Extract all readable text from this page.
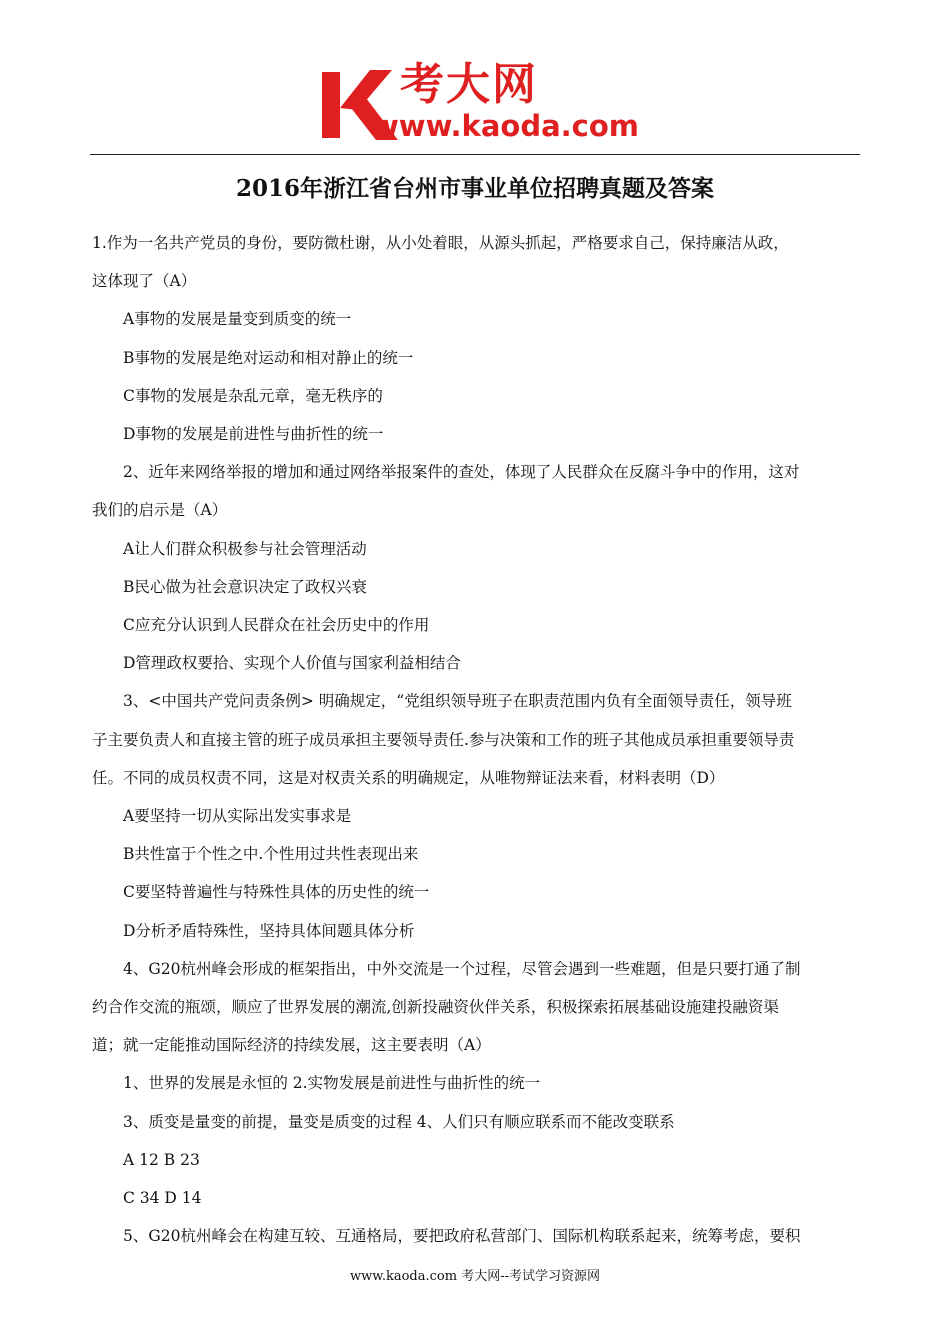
考大网
www.kaoda.com
2016年浙江省台州市事业单位招聘真题及答案

1.作为一名共产党员的身份，要防微杜谢，从小处着眼，从源头抓起，严格要求自己，保持廉洁从政，

这体现了（A）

A事物的发展是量变到质变的统一

B事物的发展是绝对运动和相对静止的统一

C事物的发展是杂乱元章，毫无秩序的

D事物的发展是前进性与曲折性的统一

2、近年来网络举报的增加和通过网络举报案件的查处，体现了人民群众在反腐斗争中的作用，这对

我们的启示是（A）

A让人们群众积极参与社会管理活动

B民心做为社会意识决定了政权兴衰

C应充分认识到人民群众在社会历史中的作用

D管理政权要拾、实现个人价值与国家利益相结合

3、<中国共产党问责条例> 明确规定，“党组织领导班子在职责范围内负有全面领导责任，领导班

子主要负责人和直接主管的班子成员承担主要领导责任.参与决策和工作的班子其他成员承担重要领导责

任。不同的成员权责不同，这是对权责关系的明确规定，从唯物辩证法来看，材料表明（D）

A要坚持一切从实际出发实事求是

B共性富于个性之中.个性用过共性表现出来

C要坚特普遍性与特殊性具体的历史性的统一

D分析矛盾特殊性，坚持具体间题具体分析

4、G20杭州峰会形成的框架指出，中外交流是一个过程，尽管会遇到一些难题，但是只要打通了制

约合作交流的瓶颂，顺应了世界发展的潮流,创新投融资伙伴关系，积极探索拓展基础设施建投融资渠

道；就一定能推动国际经济的持续发展，这主要表明（A）

1、世界的发展是永恒的 2.实物发展是前进性与曲折性的统一

3、质变是量变的前提，量变是质变的过程 4、人们只有顺应联系而不能改变联系

A 12 B 23

C 34 D 14

5、G20杭州峰会在构建互较、互通格局，要把政府私营部门、国际机构联系起来，统筹考虑，要积

www.kaoda.com 考大网--考试学习资源网
